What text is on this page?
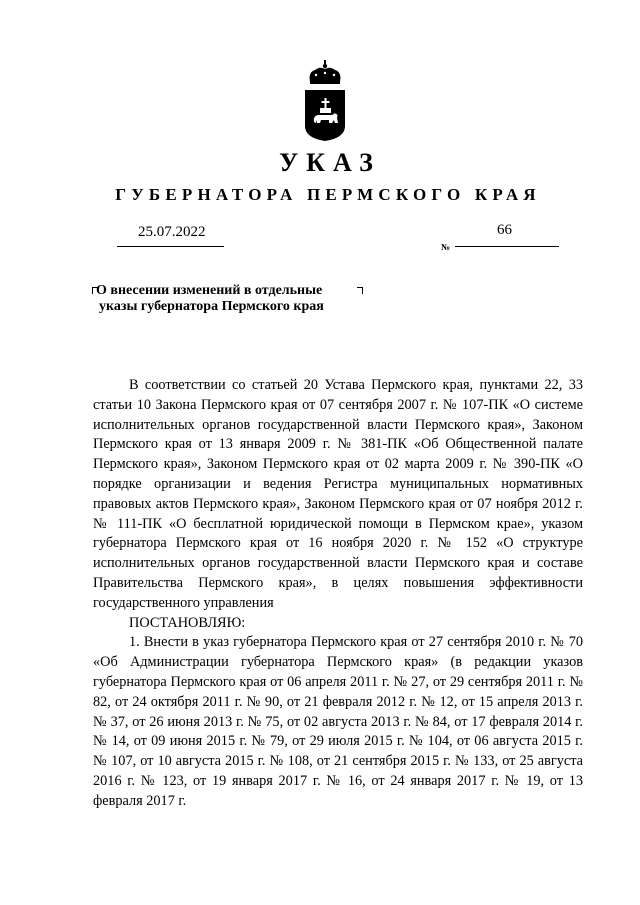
УКАЗ
ГУБЕРНАТОРА ПЕРМСКОГО КРАЯ
25.07.2022	66
№
О внесении изменений в отдельные
указы губернатора Пермского края

В соответствии со статьей 20 Устава Пермского края, пунктами 22, 33 статьи 10 Закона Пермского края от 07 сентября 2007 г. № 107-ПК «О системе исполнительных органов государственной власти Пермского края», Законом Пермского края от 13 января 2009 г. № 381-ПК «Об Общественной палате Пермского края», Законом Пермского края от 02 марта 2009 г. № 390-ПК «О порядке организации и ведения Регистра муниципальных нормативных правовых актов Пермского края», Законом Пермского края от 07 ноября 2012 г. № 111-ПК «О бесплатной юридической помощи в Пермском крае», указом губернатора Пермского края от 16 ноября 2020 г. № 152 «О структуре исполнительных органов государственной власти Пермского края и составе Правительства Пермского края», в целях повышения эффективности государственного управления

ПОСТАНОВЛЯЮ:

1. Внести в указ губернатора Пермского края от 27 сентября 2010 г. № 70 «Об Администрации губернатора Пермского края» (в редакции указов губернатора Пермского края от 06 апреля 2011 г. № 27, от 29 сентября 2011 г. № 82, от 24 октября 2011 г. № 90, от 21 февраля 2012 г. № 12, от 15 апреля 2013 г. № 37, от 26 июня 2013 г. № 75, от 02 августа 2013 г. № 84, от 17 февраля 2014 г. № 14, от 09 июня 2015 г. № 79, от 29 июля 2015 г. № 104, от 06 августа 2015 г. № 107, от 10 августа 2015 г. № 108, от 21 сентября 2015 г. № 133, от 25 августа 2016 г. № 123, от 19 января 2017 г. № 16, от 24 января 2017 г. № 19, от 13 февраля 2017 г.
